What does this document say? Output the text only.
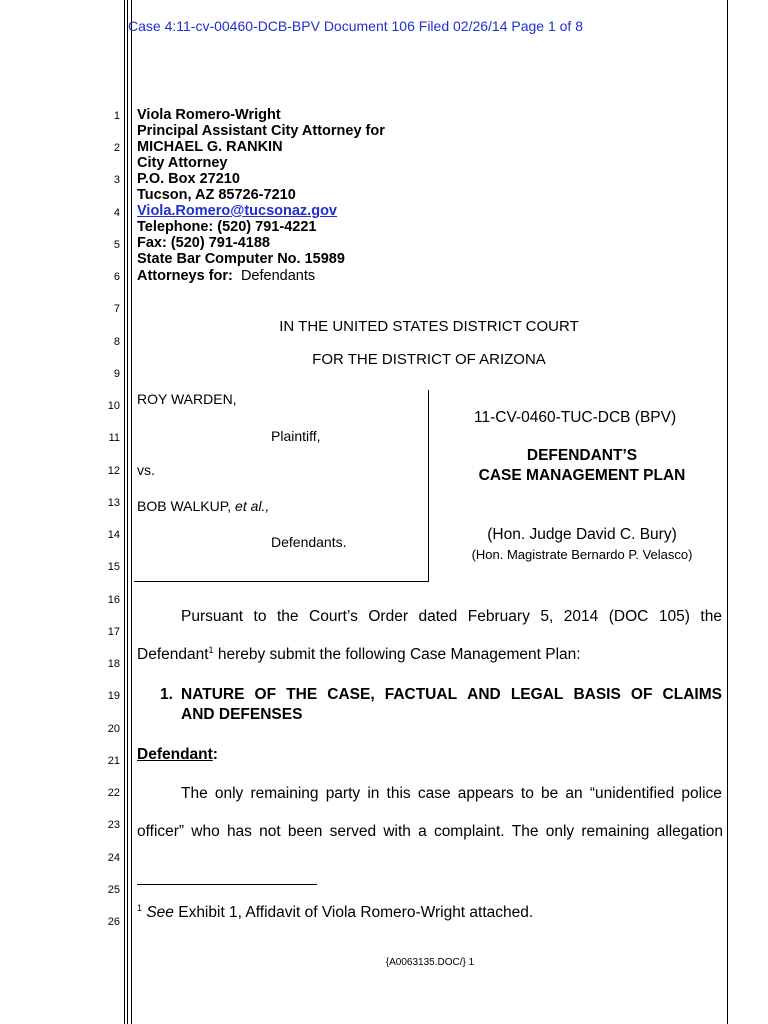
Case 4:11-cv-00460-DCB-BPV Document 106 Filed 02/26/14 Page 1 of 8
1
2
3
4
5
6
7
8
9
10
11
12
13
14
15
16
17
18
19
20
21
22
23
24
25
26
Viola Romero-Wright
Principal Assistant City Attorney for
MICHAEL G. RANKIN
City Attorney
P.O. Box 27210
Tucson, AZ 85726-7210
Viola.Romero@tucsonaz.gov
Telephone: (520) 791-4221
Fax: (520) 791-4188
State Bar Computer No. 15989
Attorneys for: Defendants
IN THE UNITED STATES DISTRICT COURT
FOR THE DISTRICT OF ARIZONA
ROY WARDEN,
Plaintiff,
vs.
BOB WALKUP, et al.,
Defendants.
11-CV-0460-TUC-DCB (BPV)
DEFENDANT’S
CASE MANAGEMENT PLAN
(Hon. Judge David C. Bury)
(Hon. Magistrate Bernardo P. Velasco)
Pursuant to the Court’s Order dated February 5, 2014 (DOC 105) the
Defendant$^1$ hereby submit the following Case Management Plan:
1. NATURE OF THE CASE, FACTUAL AND LEGAL BASIS OF CLAIMS
AND DEFENSES
Defendant:
The only remaining party in this case appears to be an “unidentified police
officer” who has not been served with a complaint. The only remaining allegation
$^1$ See Exhibit 1, Affidavit of Viola Romero-Wright attached.
{A0063135.DOC/} 1
